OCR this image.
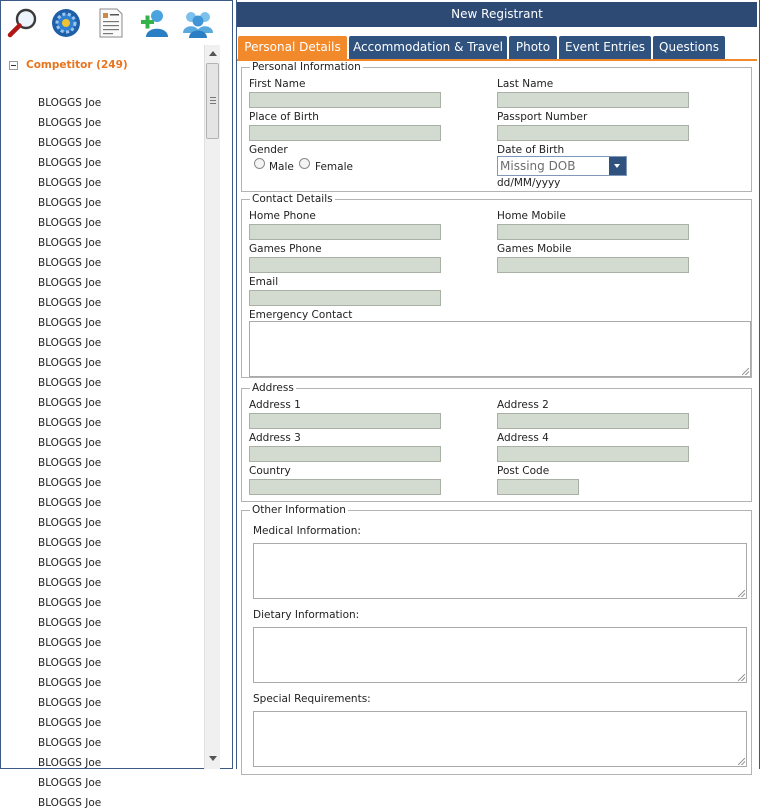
Competitor (249)
BLOGGS Joe
BLOGGS Joe
BLOGGS Joe
BLOGGS Joe
BLOGGS Joe
BLOGGS Joe
BLOGGS Joe
BLOGGS Joe
BLOGGS Joe
BLOGGS Joe
BLOGGS Joe
BLOGGS Joe
BLOGGS Joe
BLOGGS Joe
BLOGGS Joe
BLOGGS Joe
BLOGGS Joe
BLOGGS Joe
BLOGGS Joe
BLOGGS Joe
BLOGGS Joe
BLOGGS Joe
BLOGGS Joe
BLOGGS Joe
BLOGGS Joe
BLOGGS Joe
BLOGGS Joe
BLOGGS Joe
BLOGGS Joe
BLOGGS Joe
BLOGGS Joe
BLOGGS Joe
BLOGGS Joe
BLOGGS Joe
BLOGGS Joe
BLOGGS Joe
New Registrant
Personal Details	Accommodation & Travel	Photo	Event Entries	Questions
Personal Information
First Name	Last Name
Place of Birth	Passport Number
Gender
Male Female
Date of Birth
Missing DOB
dd/MM/yyyy
Contact Details
Home Phone	Home Mobile
Games Phone	Games Mobile
Email
Emergency Contact
Address
Address 1	Address 2
Address 3	Address 4
Country	Post Code
Other Information
Medical Information:
Dietary Information:
Special Requirements:
